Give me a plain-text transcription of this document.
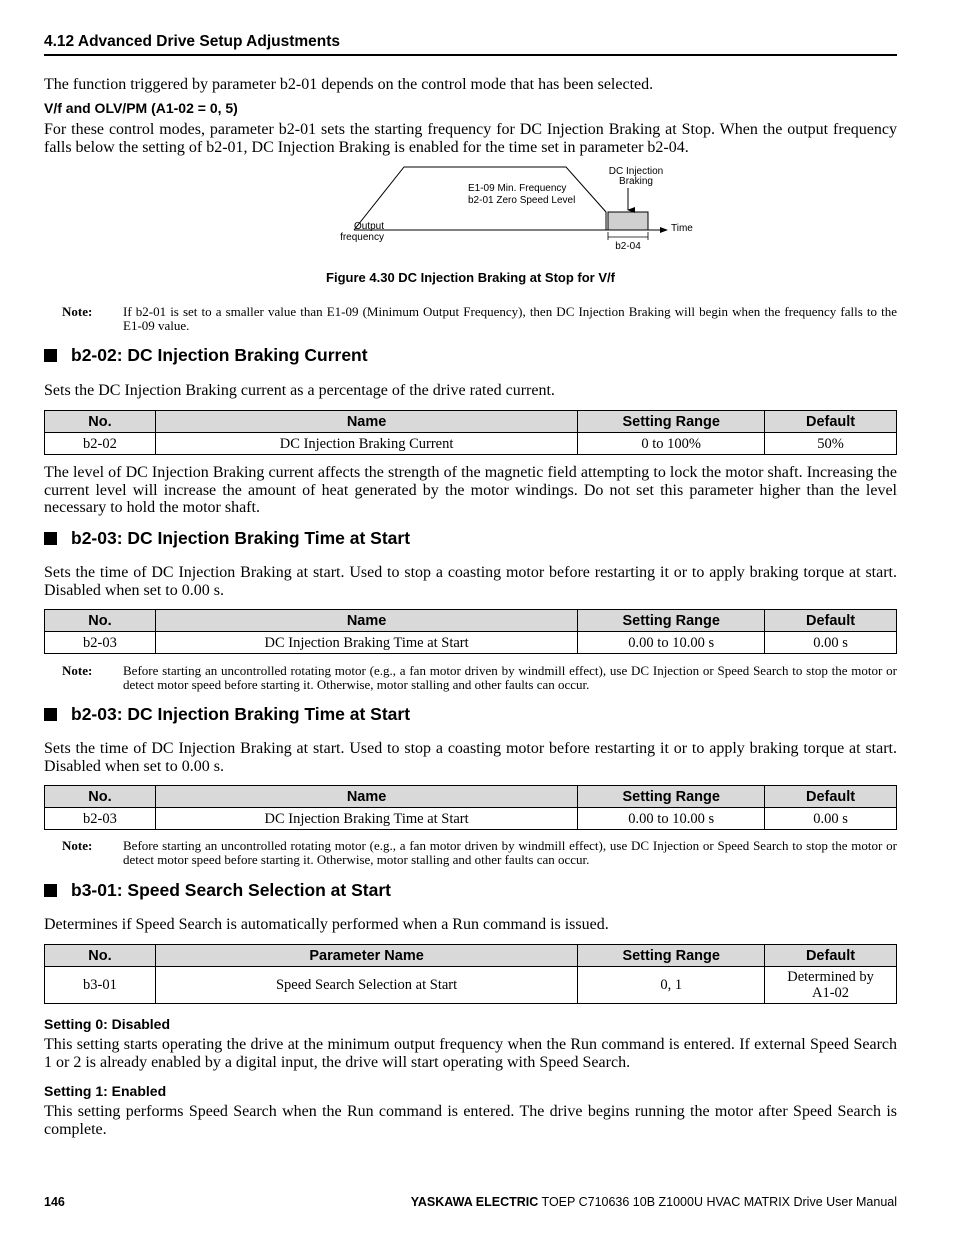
4.12 Advanced Drive Setup Adjustments
The function triggered by parameter b2-01 depends on the control mode that has been selected.
V/f and OLV/PM (A1-02 = 0, 5)
For these control modes, parameter b2-01 sets the starting frequency for DC Injection Braking at Stop. When the output frequency falls below the setting of b2-01, DC Injection Braking is enabled for the time set in parameter b2-04.
E1-09 Min. Frequency
b2-01 Zero Speed Level
DC Injection
Braking
Output
frequency
Time
b2-04
Figure 4.30 DC Injection Braking at Stop for V/f
Note:	If b2-01 is set to a smaller value than E1-09 (Minimum Output Frequency), then DC Injection Braking will begin when the frequency falls to the E1-09 value.
b2-02: DC Injection Braking Current
Sets the DC Injection Braking current as a percentage of the drive rated current.
No.	Name	Setting Range	Default
b2-02	DC Injection Braking Current	0 to 100%	50%
The level of DC Injection Braking current affects the strength of the magnetic field attempting to lock the motor shaft. Increasing the current level will increase the amount of heat generated by the motor windings. Do not set this parameter higher than the level necessary to hold the motor shaft.
b2-03: DC Injection Braking Time at Start
Sets the time of DC Injection Braking at start. Used to stop a coasting motor before restarting it or to apply braking torque at start. Disabled when set to 0.00 s.
No.	Name	Setting Range	Default
b2-03	DC Injection Braking Time at Start	0.00 to 10.00 s	0.00 s
Note:	Before starting an uncontrolled rotating motor (e.g., a fan motor driven by windmill effect), use DC Injection or Speed Search to stop the motor or detect motor speed before starting it. Otherwise, motor stalling and other faults can occur.
b2-03: DC Injection Braking Time at Start
Sets the time of DC Injection Braking at start. Used to stop a coasting motor before restarting it or to apply braking torque at start. Disabled when set to 0.00 s.
No.	Name	Setting Range	Default
b2-03	DC Injection Braking Time at Start	0.00 to 10.00 s	0.00 s
Note:	Before starting an uncontrolled rotating motor (e.g., a fan motor driven by windmill effect), use DC Injection or Speed Search to stop the motor or detect motor speed before starting it. Otherwise, motor stalling and other faults can occur.
b3-01: Speed Search Selection at Start
Determines if Speed Search is automatically performed when a Run command is issued.
No.	Parameter Name	Setting Range	Default
b3-01	Speed Search Selection at Start	0, 1	Determined by
A1-02
Setting 0: Disabled
This setting starts operating the drive at the minimum output frequency when the Run command is entered. If external Speed Search 1 or 2 is already enabled by a digital input, the drive will start operating with Speed Search.
Setting 1: Enabled
This setting performs Speed Search when the Run command is entered. The drive begins running the motor after Speed Search is complete.
146	YASKAWA ELECTRIC TOEP C710636 10B Z1000U HVAC MATRIX Drive User Manual
